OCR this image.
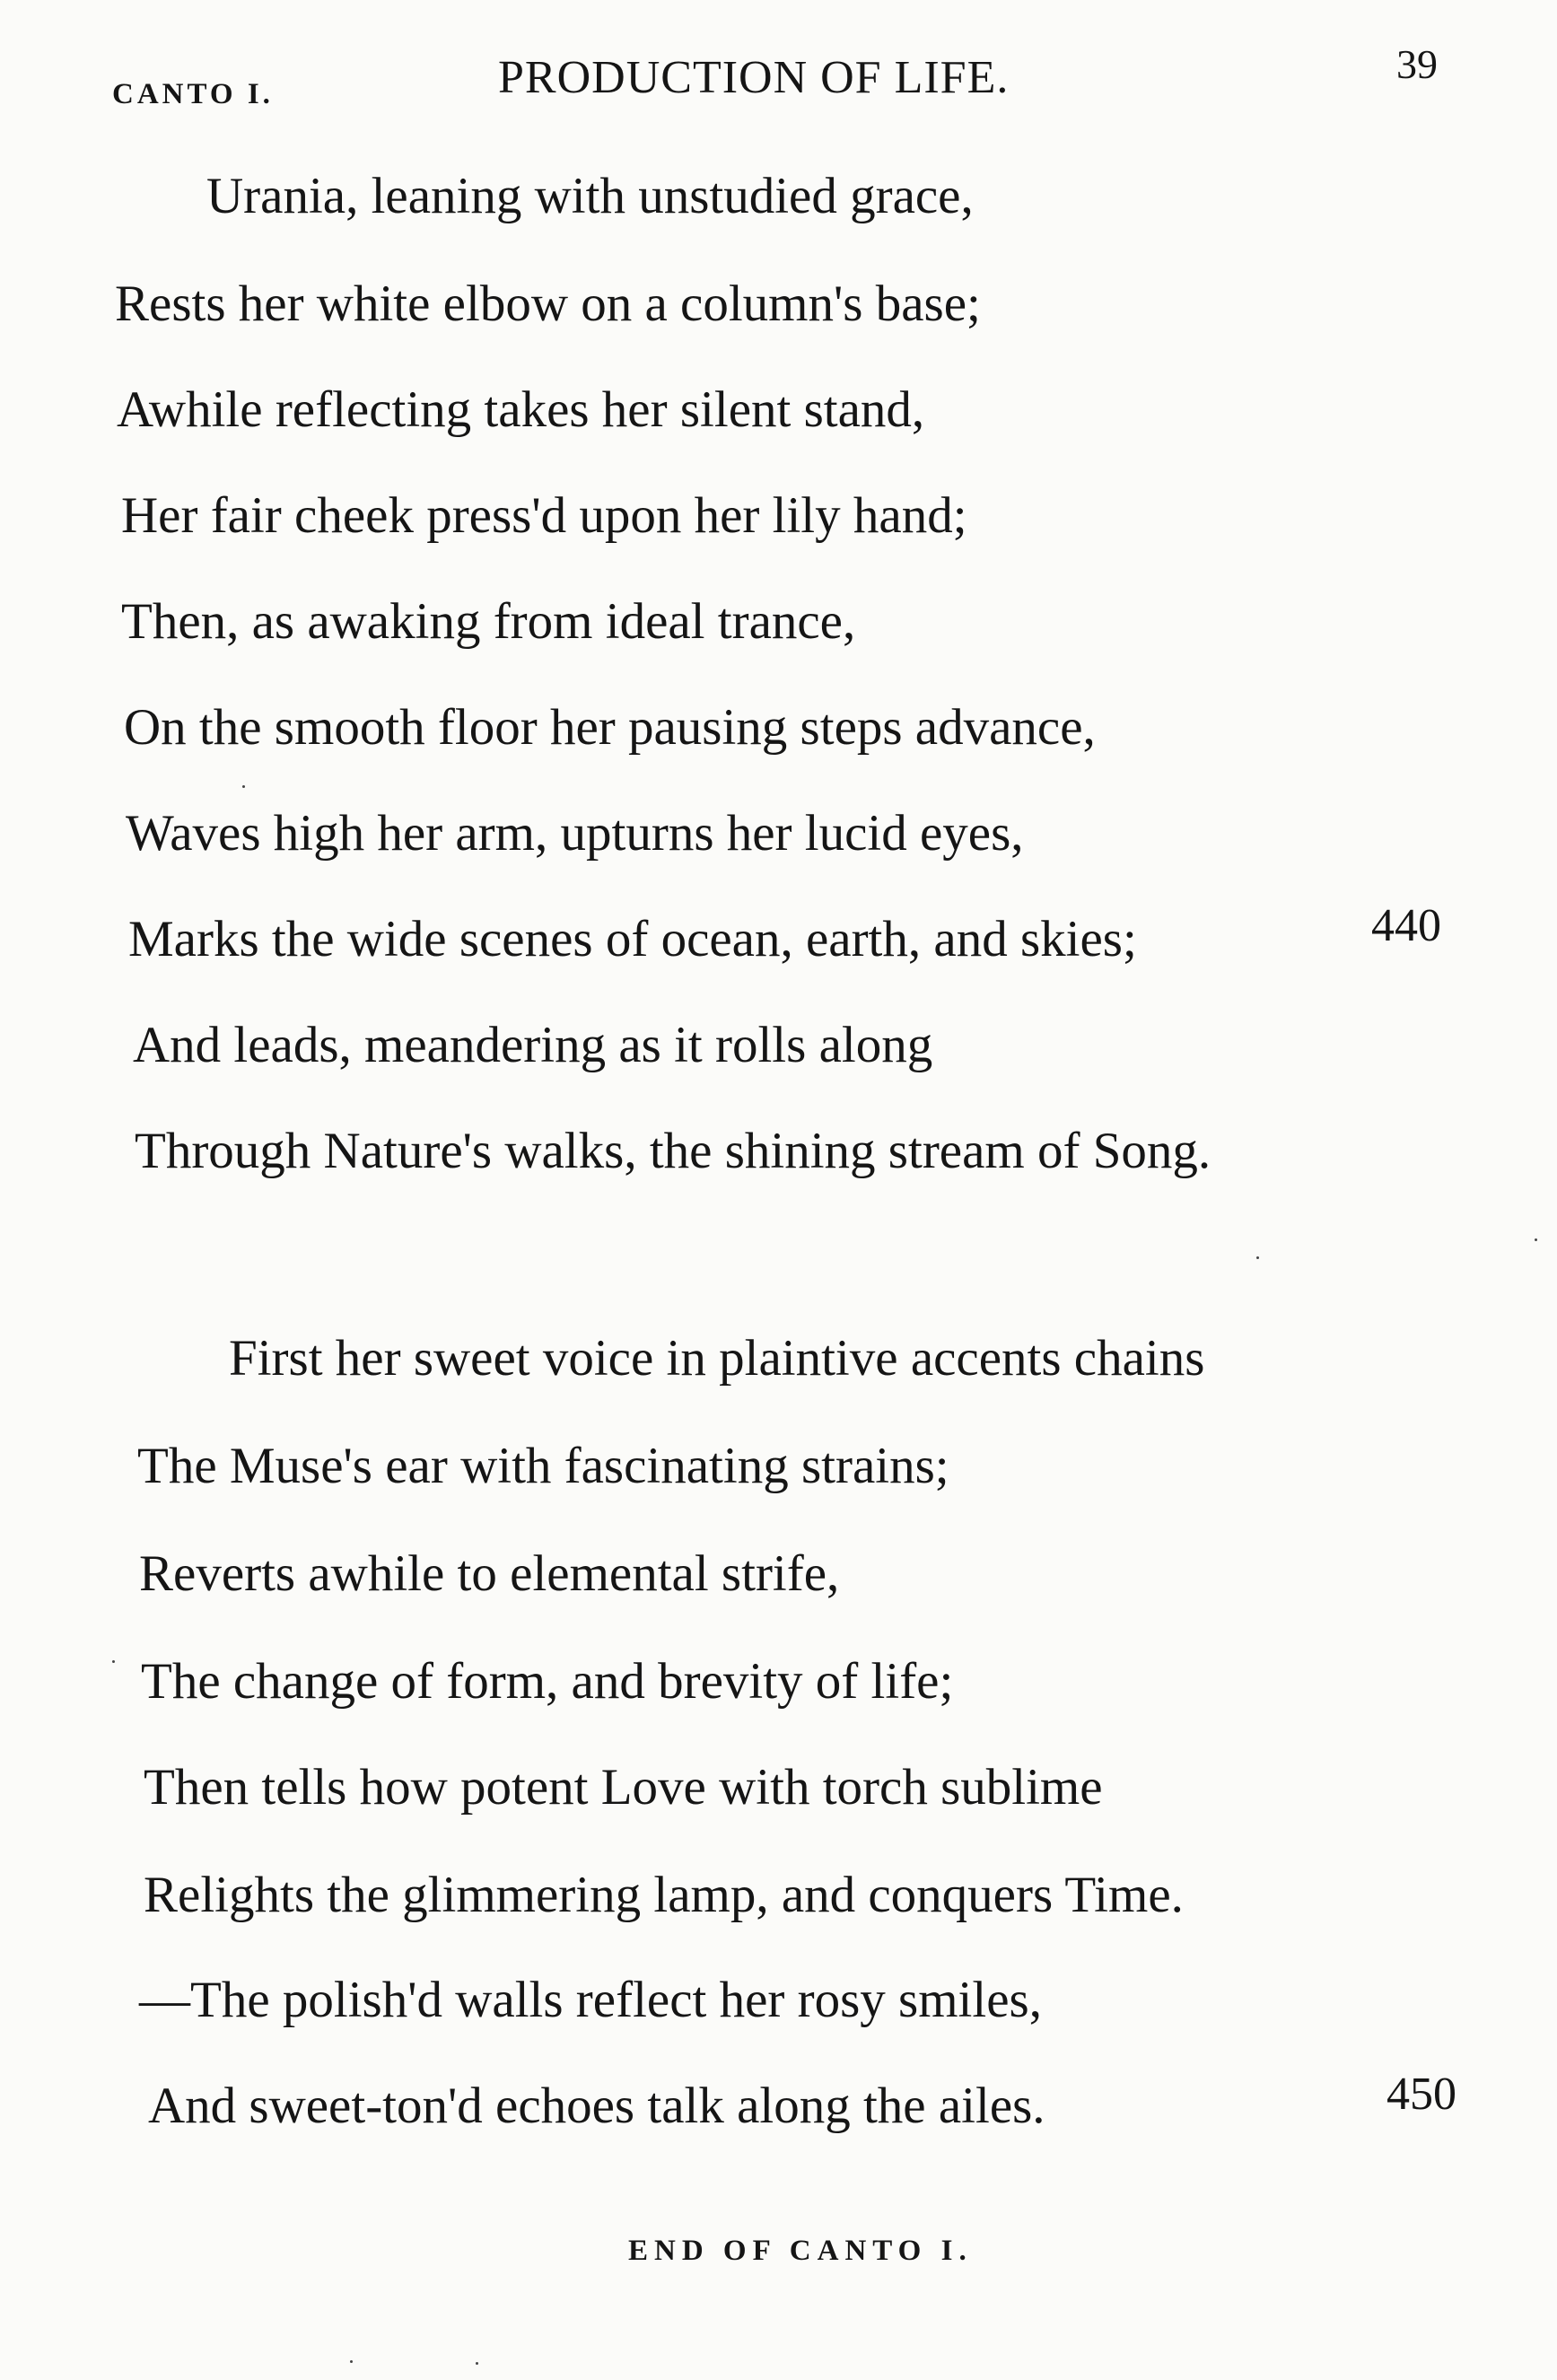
CANTO I.	PRODUCTION OF LIFE.	39
Urania, leaning with unstudied grace,
Rests her white elbow on a column's base;
Awhile reflecting takes her silent stand,
Her fair cheek press'd upon her lily hand;
Then, as awaking from ideal trance,
On the smooth floor her pausing steps advance,
Waves high her arm, upturns her lucid eyes,
Marks the wide scenes of ocean, earth, and skies;	440
And leads, meandering as it rolls along
Through Nature's walks, the shining stream of Song.
First her sweet voice in plaintive accents chains
The Muse's ear with fascinating strains;
Reverts awhile to elemental strife,
The change of form, and brevity of life;
Then tells how potent Love with torch sublime
Relights the glimmering lamp, and conquers Time.
—The polish'd walls reflect her rosy smiles,
And sweet-ton'd echoes talk along the ailes.	450
END OF CANTO I.
